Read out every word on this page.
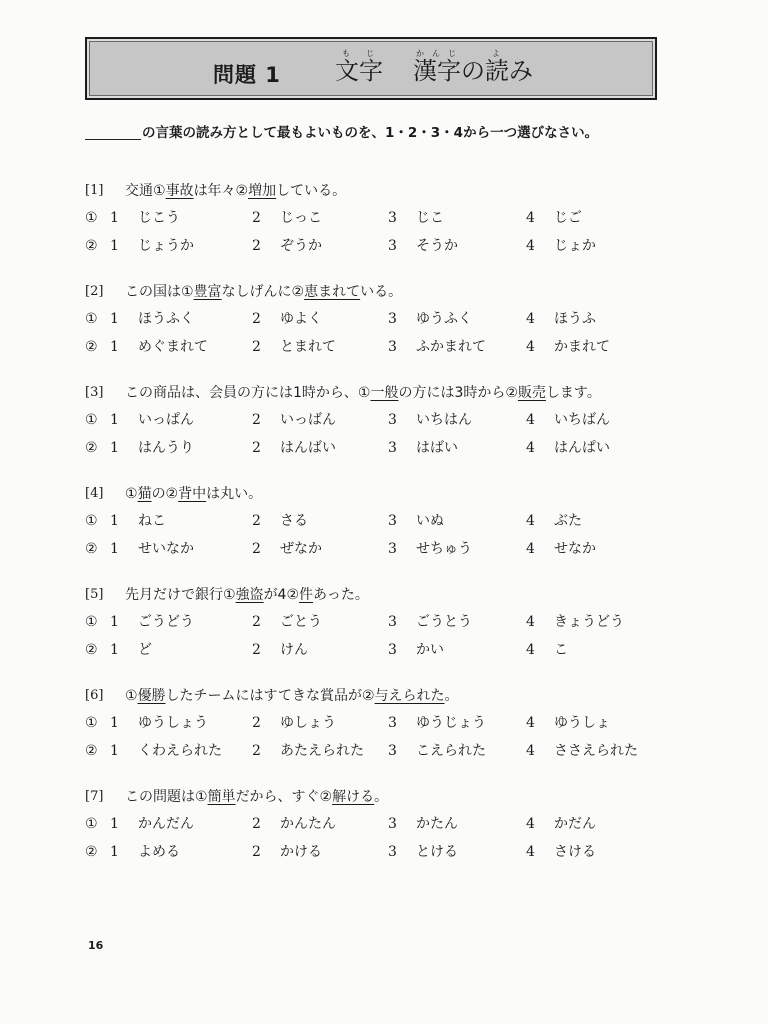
問題 1 文字もじ
漢字かんじ
の 読よ
み
の言葉の読み方として最もよいものを、1・2・3・4から一つ選びなさい。
[1]	交通①事故は年々②増加している。
① 1	じこう	2	じっこ	3	じこ	4	じご
② 1	じょうか	2	ぞうか	3	そうか	4	じょか
[2]	この国は①豊富なしげんに②恵まれている。
① 1	ほうふく	2	ゆよく	3	ゆうふく	4	ほうふ
② 1	めぐまれて	2	とまれて	3	ふかまれて	4	かまれて
[3]	この商品は、会員の方には1時から、①一般の方には3時から②販売します。
① 1	いっぱん	2	いっばん	3	いちはん	4	いちばん
② 1	はんうり	2	はんばい	3	はばい	4	はんぱい
[4]	①猫の②背中は丸い。
① 1	ねこ	2	さる	3	いぬ	4	ぶた
② 1	せいなか	2	ぜなか	3	せちゅう	4	せなか
[5]	先月だけで銀行①強盗が4②件あった。
① 1	ごうどう	2	ごとう	3	ごうとう	4	きょうどう
② 1	ど	2	けん	3	かい	4	こ
[6]	①優勝したチームにはすてきな賞品が②与えられた。
① 1	ゆうしょう	2	ゆしょう	3	ゆうじょう	4	ゆうしょ
② 1	くわえられた 2	あたえられた 3	こえられた	4	ささえられた
[7]	この問題は①簡単だから、すぐ②解ける。
① 1	かんだん	2	かんたん	3	かたん	4	かだん
② 1	よめる	2	かける	3	とける	4	さける
16
